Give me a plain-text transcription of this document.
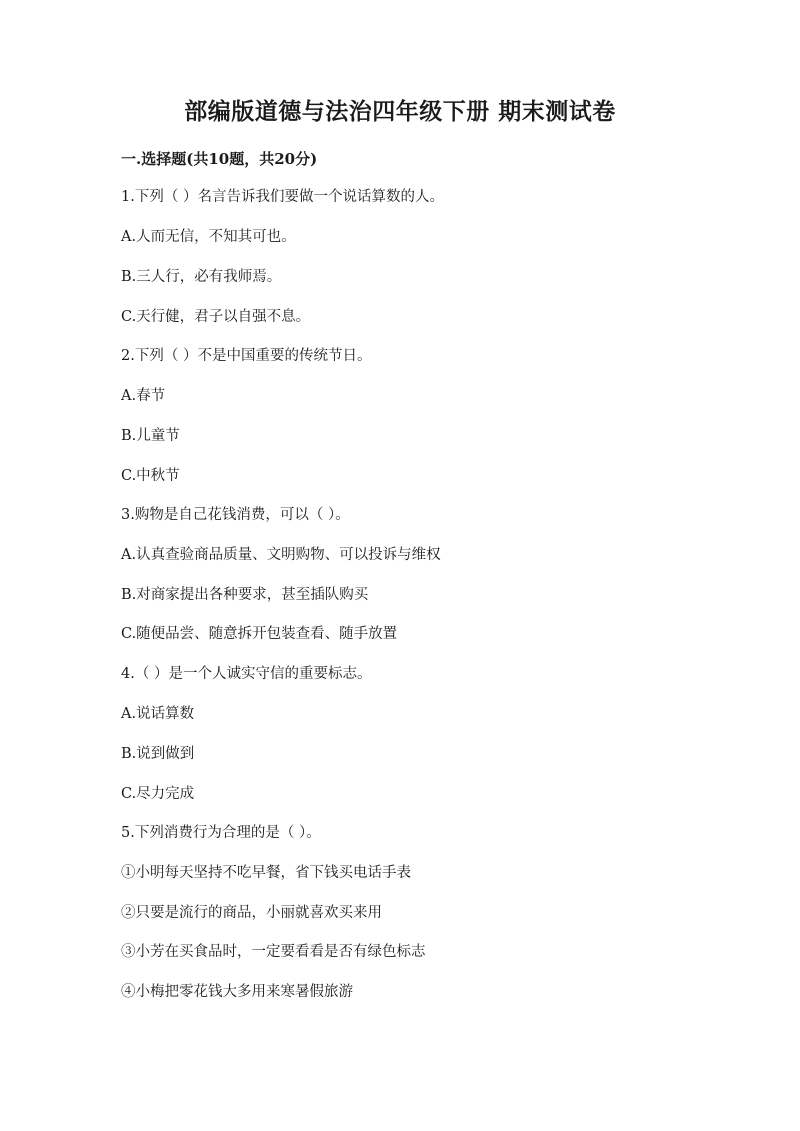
部编版道德与法治四年级下册 期末测试卷
一.选择题(共10题，共20分)
1.下列（ ）名言告诉我们要做一个说话算数的人。
A.人而无信，不知其可也。
B.三人行，必有我师焉。
C.天行健，君子以自强不息。
2.下列（ ）不是中国重要的传统节日。
A.春节
B.儿童节
C.中秋节
3.购物是自己花钱消费，可以（ ）。
A.认真查验商品质量、文明购物、可以投诉与维权
B.对商家提出各种要求，甚至插队购买
C.随便品尝、随意拆开包装查看、随手放置
4.（ ）是一个人诚实守信的重要标志。
A.说话算数
B.说到做到
C.尽力完成
5.下列消费行为合理的是（ ）。
①小明每天坚持不吃早餐，省下钱买电话手表
②只要是流行的商品，小丽就喜欢买来用
③小芳在买食品时，一定要看看是否有绿色标志
④小梅把零花钱大多用来寒暑假旅游
